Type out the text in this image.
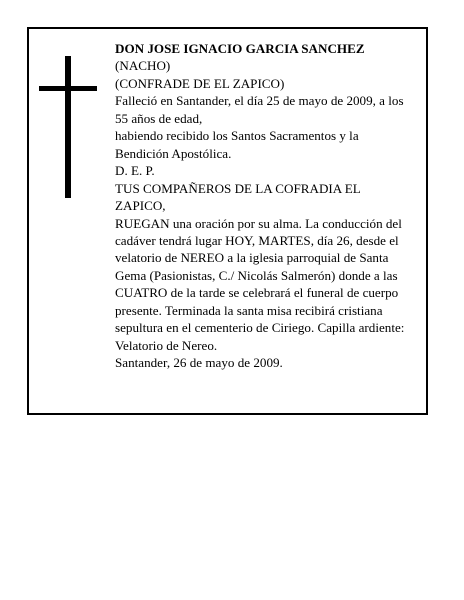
DON JOSE IGNACIO GARCIA SANCHEZ
(NACHO)
(CONFRADE DE EL ZAPICO)
Falleció en Santander, el día 25 de mayo de 2009, a los
55 años de edad,
habiendo recibido los Santos Sacramentos y la
Bendición Apostólica.
D. E. P.
TUS COMPAÑEROS DE LA COFRADIA EL
ZAPICO,
RUEGAN una oración por su alma. La conducción del
cadáver tendrá lugar HOY, MARTES, día 26, desde el
velatorio de NEREO a la iglesia parroquial de Santa
Gema (Pasionistas, C./ Nicolás Salmerón) donde a las
CUATRO de la tarde se celebrará el funeral de cuerpo
presente. Terminada la santa misa recibirá cristiana
sepultura en el cementerio de Ciriego. Capilla ardiente:
Velatorio de Nereo.
Santander, 26 de mayo de 2009.
